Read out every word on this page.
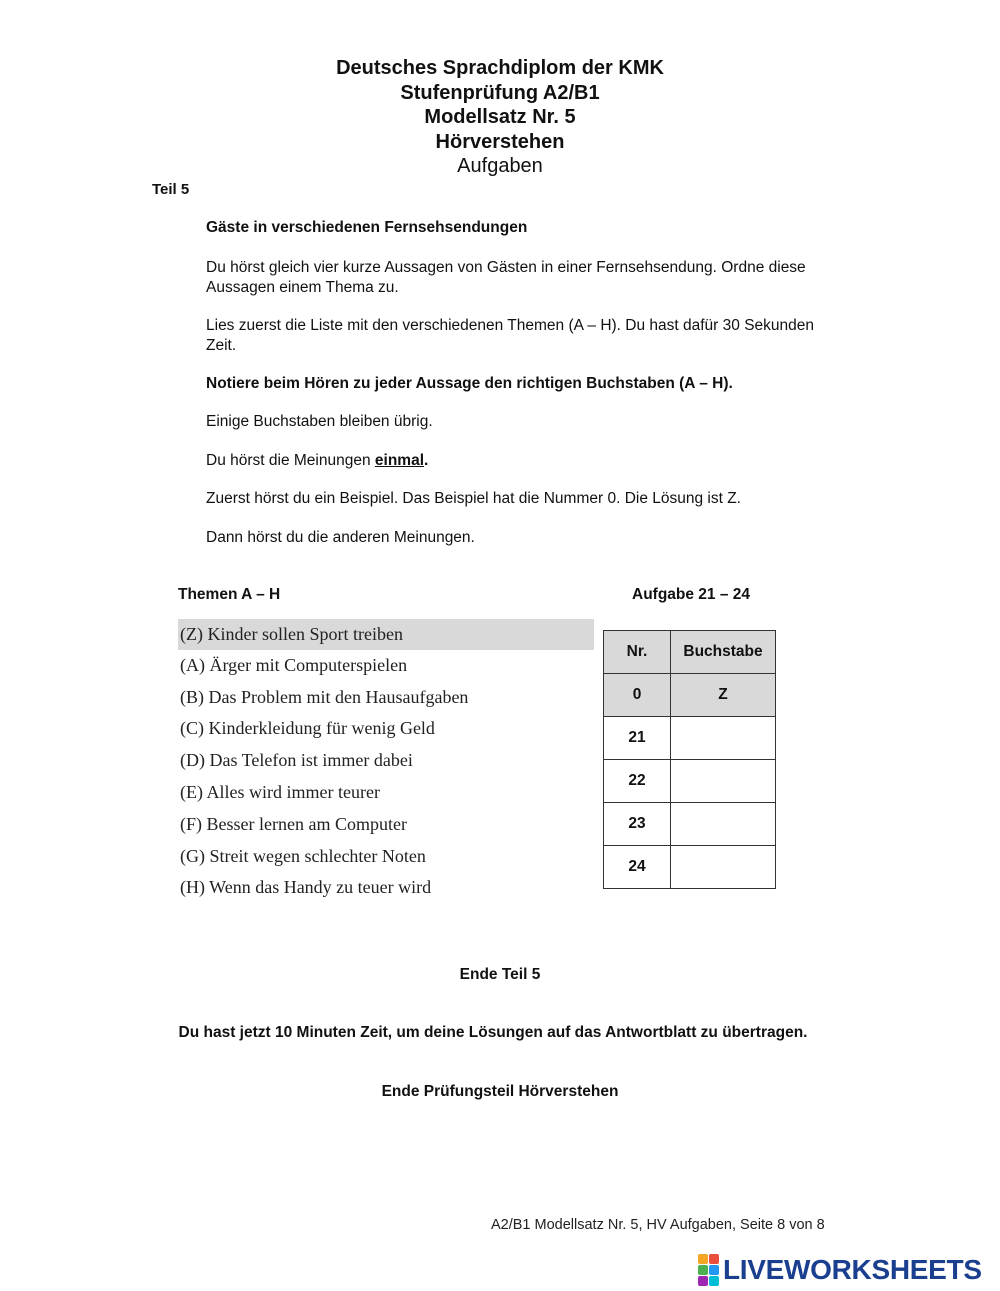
Deutsches Sprachdiplom der KMK
Stufenprüfung A2/B1
Modellsatz Nr. 5
Hörverstehen
Aufgaben
Teil 5
Gäste in verschiedenen Fernsehsendungen
Du hörst gleich vier kurze Aussagen von Gästen in einer Fernsehsendung. Ordne diese Aussagen einem Thema zu.
Lies zuerst die Liste mit den verschiedenen Themen (A – H). Du hast dafür 30 Sekunden Zeit.
Notiere beim Hören zu jeder Aussage den richtigen Buchstaben (A – H).
Einige Buchstaben bleiben übrig.
Du hörst die Meinungen einmal.
Zuerst hörst du ein Beispiel. Das Beispiel hat die Nummer 0. Die Lösung ist Z.
Dann hörst du die anderen Meinungen.
Themen A – H	Aufgabe 21 – 24
(Z) Kinder sollen Sport treiben
(A) Ärger mit Computerspielen
(B) Das Problem mit den Hausaufgaben
(C) Kinderkleidung für wenig Geld
(D) Das Telefon ist immer dabei
(E) Alles wird immer teurer
(F) Besser lernen am Computer
(G) Streit wegen schlechter Noten
(H) Wenn das Handy zu teuer wird
Nr.	Buchstabe
0	Z
21	
22	
23	
24	
Ende Teil 5
Du hast jetzt 10 Minuten Zeit, um deine Lösungen auf das Antwortblatt zu übertragen.
Ende Prüfungsteil Hörverstehen
A2/B1 Modellsatz Nr. 5, HV Aufgaben, Seite 8 von 8
LIVEWORKSHEETS
